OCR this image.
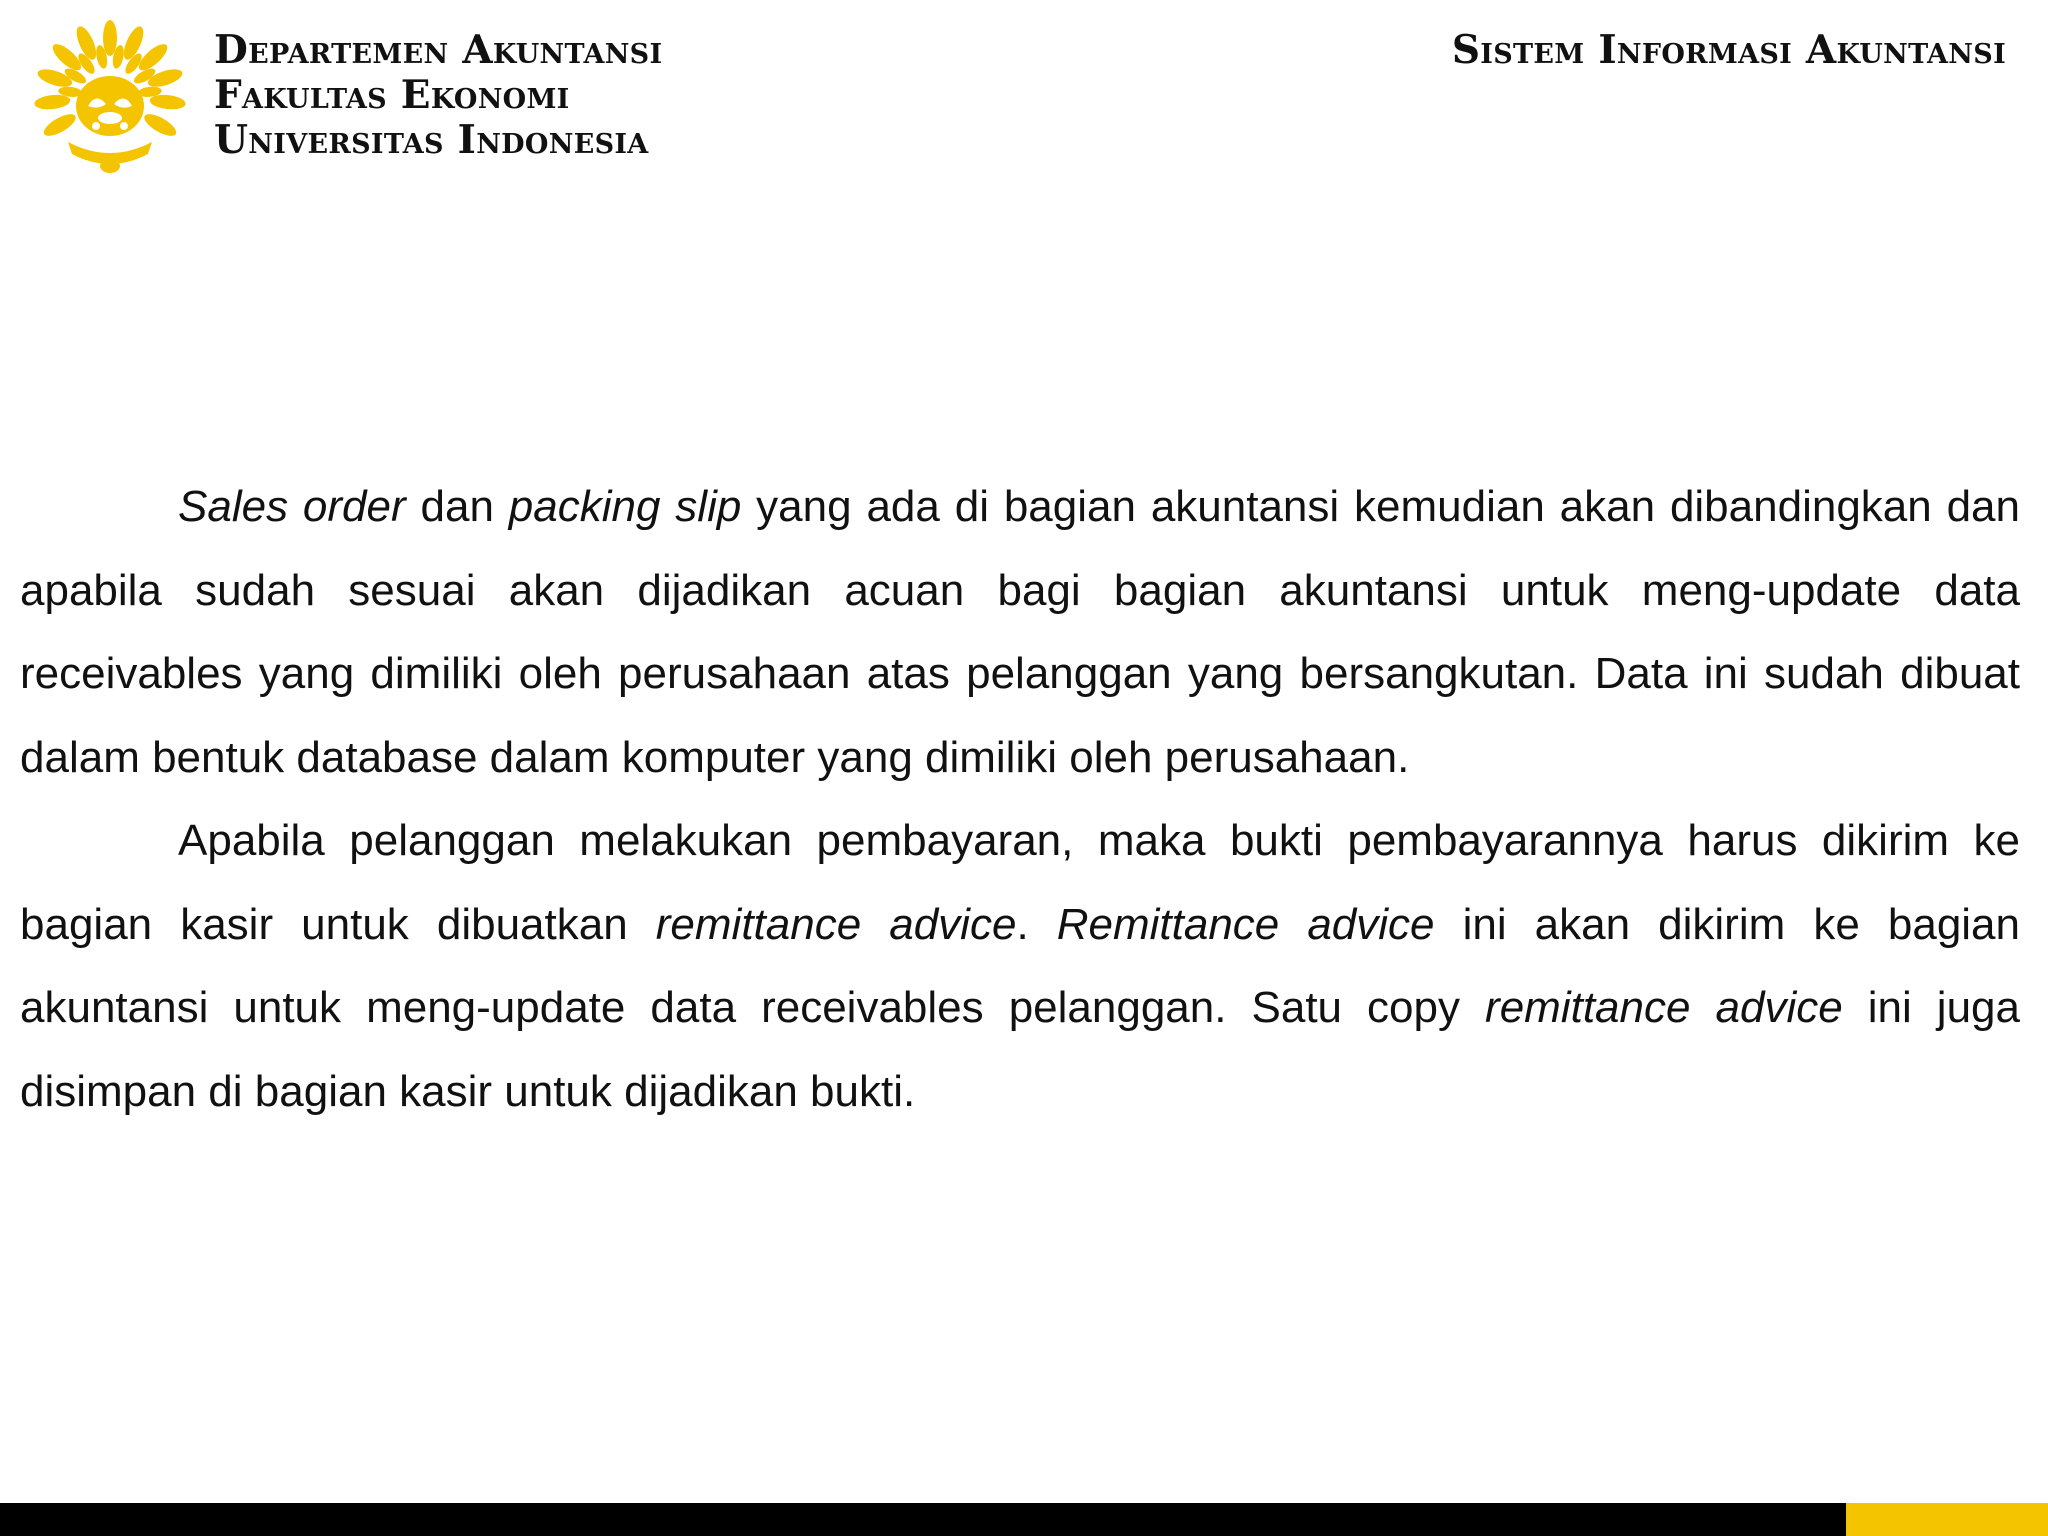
Departemen Akuntansi
Fakultas Ekonomi
Universitas Indonesia
Sistem Informasi Akuntansi

Sales order dan packing slip yang ada di bagian akuntansi kemudian akan dibandingkan dan apabila sudah sesuai akan dijadikan acuan bagi bagian akuntansi untuk meng-update data receivables yang dimiliki oleh perusahaan atas pelanggan yang bersangkutan. Data ini sudah dibuat dalam bentuk database dalam komputer yang dimiliki oleh perusahaan.

Apabila pelanggan melakukan pembayaran, maka bukti pembayarannya harus dikirim ke bagian kasir untuk dibuatkan remittance advice. Remittance advice ini akan dikirim ke bagian akuntansi untuk meng-update data receivables pelanggan. Satu copy remittance advice ini juga disimpan di bagian kasir untuk dijadikan bukti.
